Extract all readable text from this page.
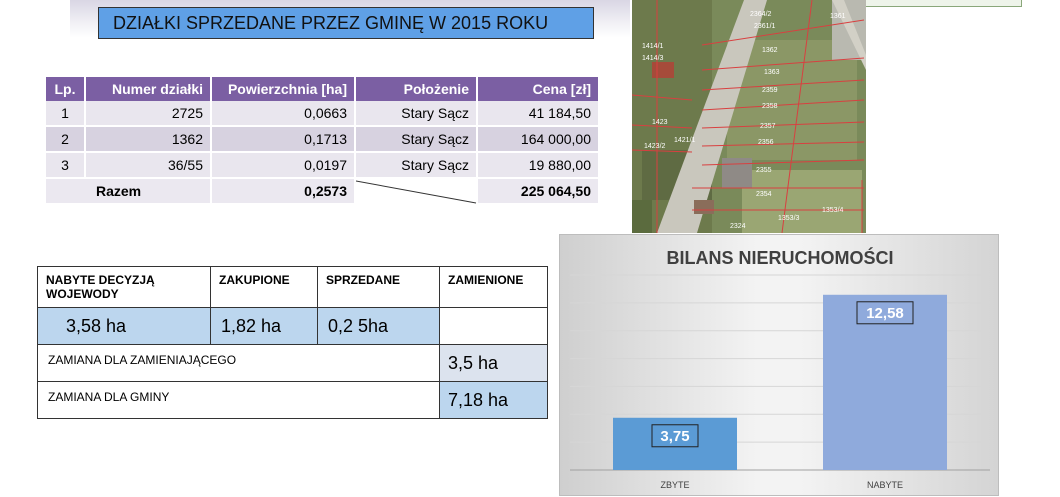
DZIAŁKI SPRZEDANE PRZEZ GMINĘ W 2015 ROKU
Lp.	Numer działki	Powierzchnia [ha]	Położenie	Cena [zł]
1	2725	0,0663	Stary Sącz	41 184,50
2	1362	0,1713	Stary Sącz	164 000,00
3	36/55	0,0197	Stary Sącz	19 880,00
Razem		0,2573		225 064,50
2364/2
2361/1
1361
1362
1363
2359
2358
2357
2356
2355
2354
1353/3
1353/4
1421/1
1423/2
1414/1
1414/3
1423
2324
NABYTE DECYZJĄ WOJEWODY	ZAKUPIONE	SPRZEDANE	ZAMIENIONE
3,58 ha	1,82 ha	0,2 5ha	
ZAMIANA DLA ZAMIENIAJĄCEGO			3,5 ha
ZAMIANA DLA GMINY			7,18 ha
BILANS NIERUCHOMOŚCI
3,75
ZBYTE
12,58
NABYTE
